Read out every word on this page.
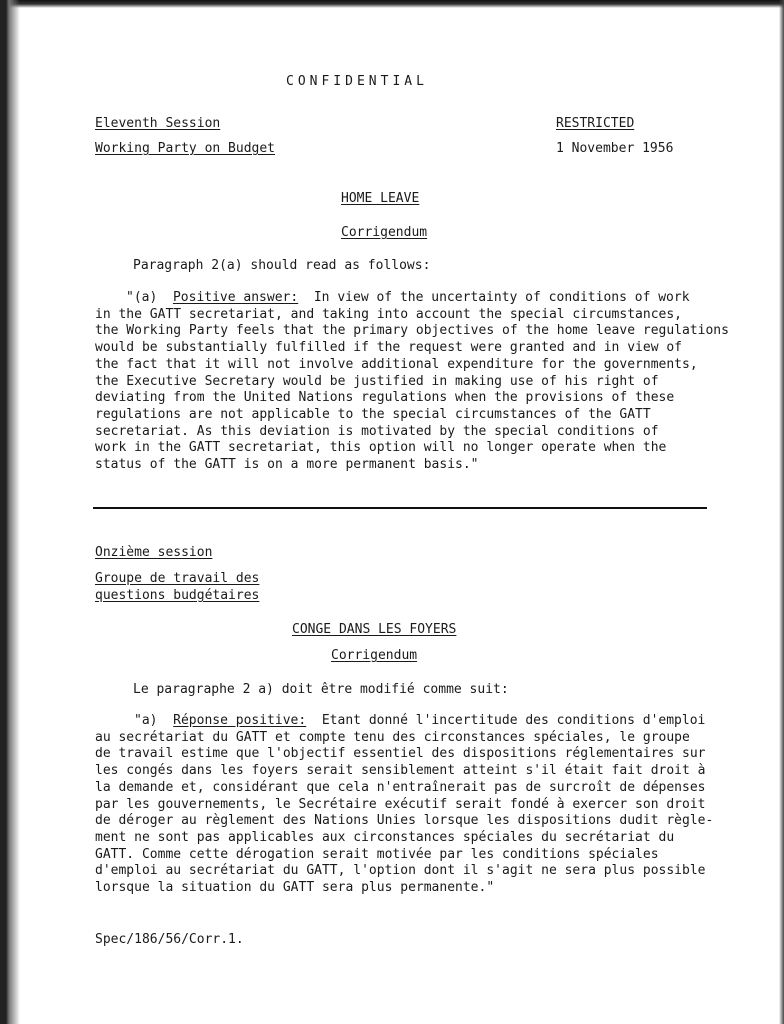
CONFIDENTIAL
Eleventh Session
Working Party on Budget
RESTRICTED
1 November 1956
HOME LEAVE
Corrigendum
Paragraph 2(a) should read as follows:
"(a) Positive answer: In view of the uncertainty of conditions of work
in the GATT secretariat, and taking into account the special circumstances,
the Working Party feels that the primary objectives of the home leave regulations
would be substantially fulfilled if the request were granted and in view of
the fact that it will not involve additional expenditure for the governments,
the Executive Secretary would be justified in making use of his right of
deviating from the United Nations regulations when the provisions of these
regulations are not applicable to the special circumstances of the GATT
secretariat. As this deviation is motivated by the special conditions of
work in the GATT secretariat, this option will no longer operate when the
status of the GATT is on a more permanent basis."
Onzième session
Groupe de travail des
questions budgétaires
CONGE DANS LES FOYERS
Corrigendum
Le paragraphe 2 a) doit être modifié comme suit:
"a) Réponse positive: Etant donné l'incertitude des conditions d'emploi
au secrétariat du GATT et compte tenu des circonstances spéciales, le groupe
de travail estime que l'objectif essentiel des dispositions réglementaires sur
les congés dans les foyers serait sensiblement atteint s'il était fait droit à
la demande et, considérant que cela n'entraînerait pas de surcroît de dépenses
par les gouvernements, le Secrétaire exécutif serait fondé à exercer son droit
de déroger au règlement des Nations Unies lorsque les dispositions dudit règle-
ment ne sont pas applicables aux circonstances spéciales du secrétariat du
GATT. Comme cette dérogation serait motivée par les conditions spéciales
d'emploi au secrétariat du GATT, l'option dont il s'agit ne sera plus possible
lorsque la situation du GATT sera plus permanente."
Spec/186/56/Corr.1.
